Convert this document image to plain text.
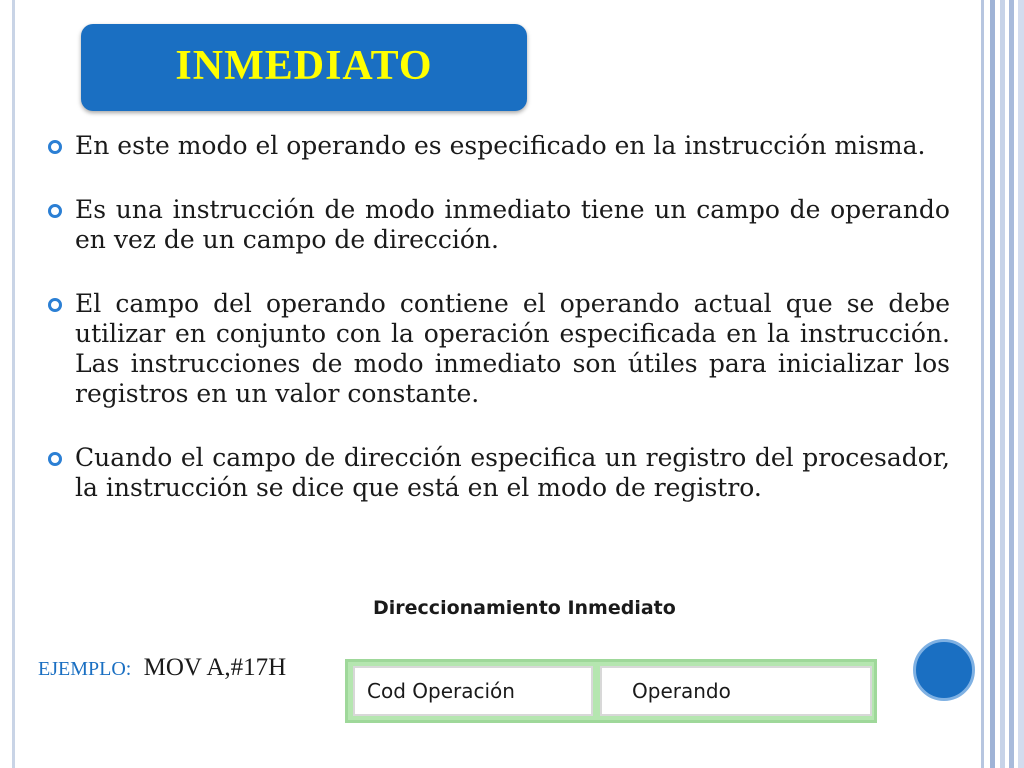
INMEDIATO
En este modo el operando es especificado en la instrucción misma.
Es una instrucción de modo inmediato tiene un campo de operando en vez de un campo de dirección.
El campo del operando contiene el operando actual que se debe utilizar en conjunto con la operación especificada en la instrucción. Las instrucciones de modo inmediato son útiles para inicializar los registros en un valor constante.
Cuando el campo de dirección especifica un registro del procesador, la instrucción se dice que está en el modo de registro.
Direccionamiento Inmediato
EJEMPLO: MOV A,#17H
Cod Operación	Operando
